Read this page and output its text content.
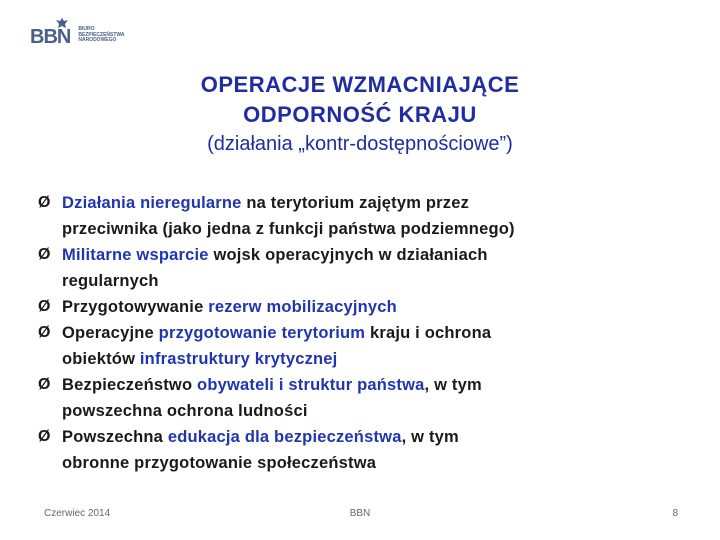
BBN BIURO
BEZPIECZEŃSTWA
NARODOWEGO
OPERACJE WZMACNIAJĄCE
ODPORNOŚĆ KRAJU
(działania „kontr-dostępnościowe”)
Ø Działania nieregularne na terytorium zajętym przez
przeciwnika (jako jedna z funkcji państwa podziemnego)
Ø Militarne wsparcie wojsk operacyjnych w działaniach
regularnych
Ø Przygotowywanie rezerw mobilizacyjnych
Ø Operacyjne przygotowanie terytorium kraju i ochrona
obiektów infrastruktury krytycznej
Ø Bezpieczeństwo obywateli i struktur państwa, w tym
powszechna ochrona ludności
Ø Powszechna edukacja dla bezpieczeństwa, w tym
obronne przygotowanie społeczeństwa
Czerwiec 2014	BBN	8
